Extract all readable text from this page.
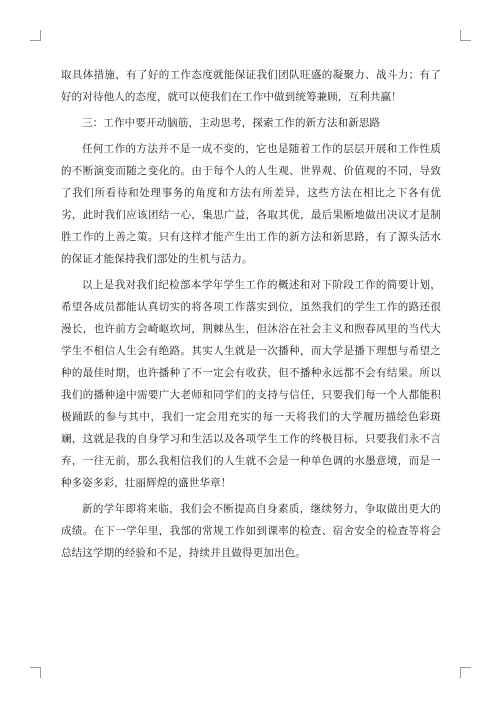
取具体措施，有了好的工作态度就能保证我们团队旺盛的凝聚力、战斗力；有了好的对待他人的态度，就可以使我们在工作中做到统筹兼顾，互利共赢！

三：工作中要开动脑筋，主动思考，探索工作的新方法和新思路

任何工作的方法并不是一成不变的，它也是随着工作的层层开展和工作性质的不断演变而随之变化的。由于每个人的人生观、世界观、价值观的不同，导致了我们所看待和处理事务的角度和方法有所差异，这些方法在相比之下各有优劣，此时我们应该团结一心，集思广益，各取其优，最后果断地做出决议才是制胜工作的上善之策。只有这样才能产生出工作的新方法和新思路，有了源头活水的保证才能保持我们部处的生机与活力。

以上是我对我们纪检部本学年学生工作的概述和对下阶段工作的简要计划，希望各成员都能认真切实的将各项工作落实到位，虽然我们的学生工作的路还很漫长，也许前方会崎岖坎坷，荆棘丛生，但沐浴在社会主义和煦春风里的当代大学生不相信人生会有绝路。其实人生就是一次播种，而大学是播下理想与希望之种的最佳时期，也许播种了不一定会有收获，但不播种永远都不会有结果。所以我们的播种途中需要广大老师和同学们的支持与信任，只要我们每一个人都能积极踊跃的参与其中，我们一定会用充实的每一天将我们的大学履历描绘色彩斑斓，这就是我的自身学习和生活以及各项学生工作的终极目标，只要我们永不言弃，一往无前，那么我相信我们的人生就不会是一种单色调的水墨意境，而是一种多姿多彩，壮丽辉煌的盛世华章！

新的学年即将来临，我们会不断提高自身素质，继续努力，争取做出更大的成绩。在下一学年里，我部的常规工作如到课率的检查、宿舍安全的检查等将会总结这学期的经验和不足，持续并且做得更加出色。
